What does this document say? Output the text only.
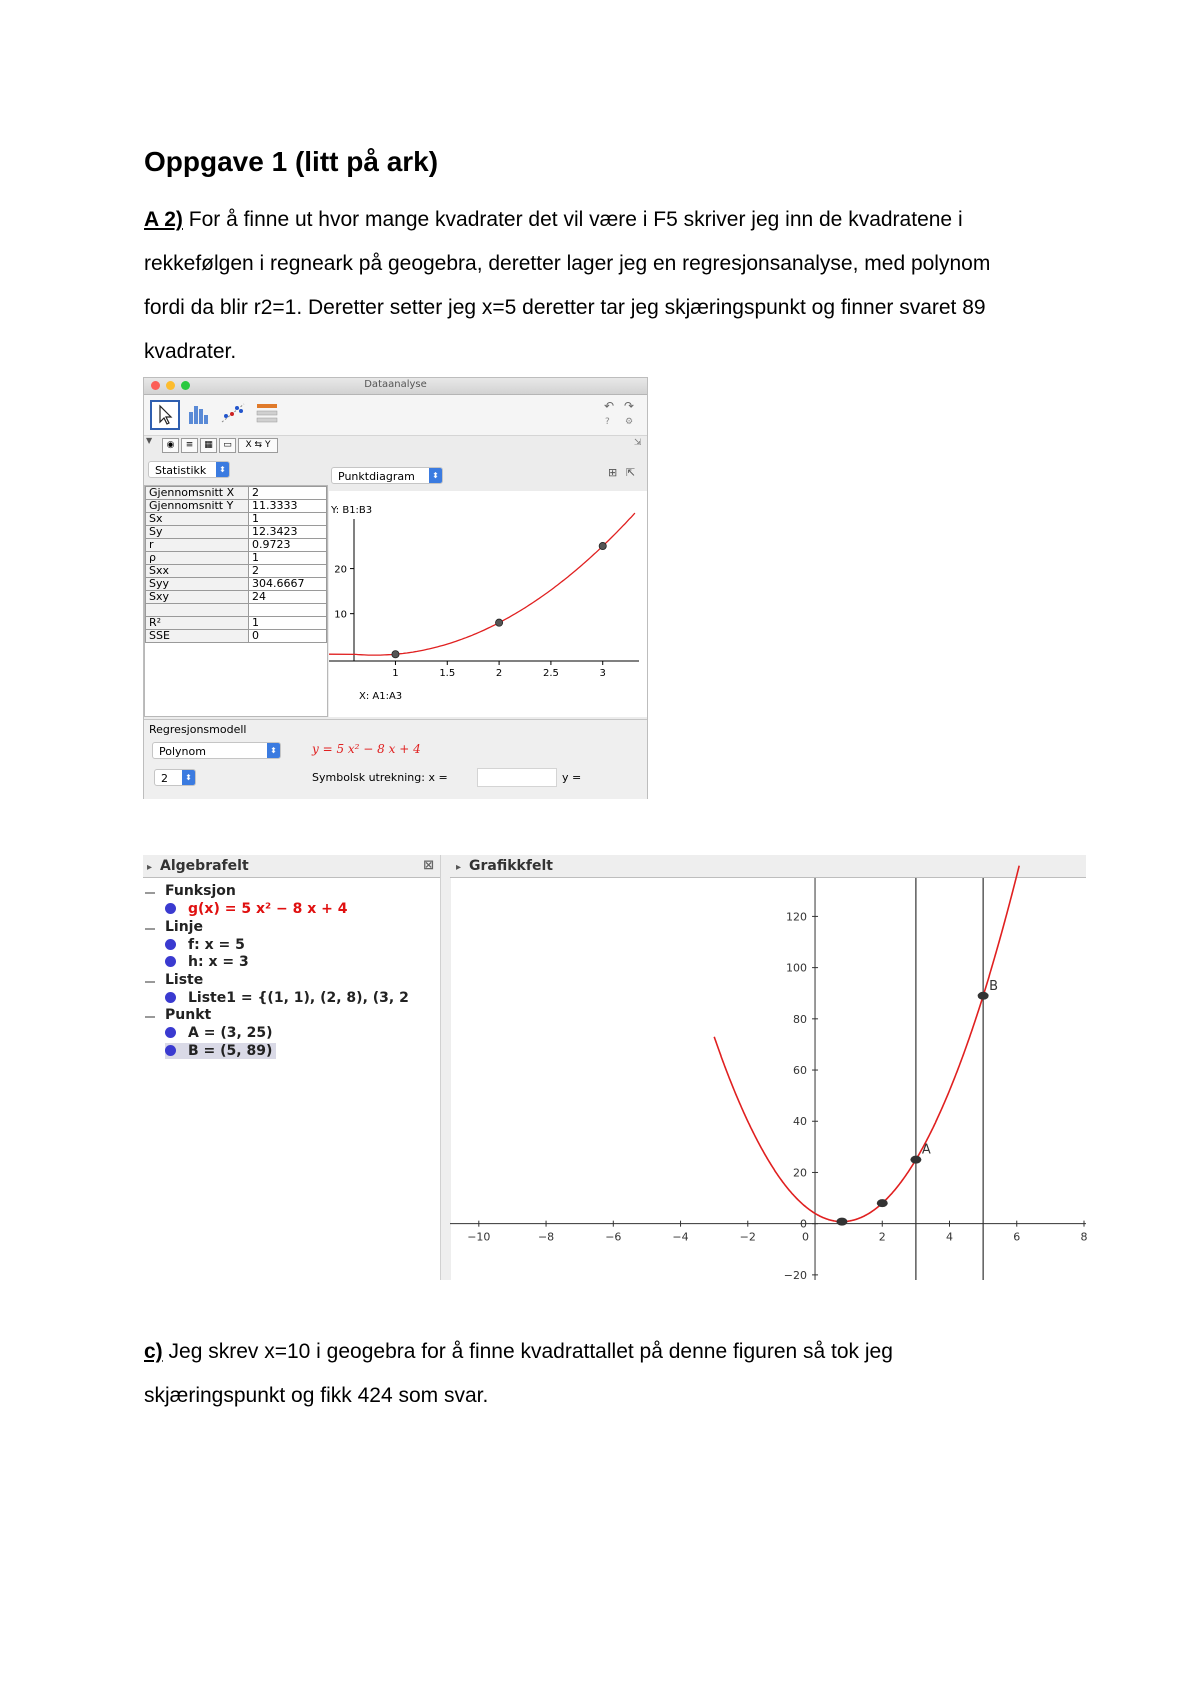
Oppgave 1 (litt på ark)
A 2) For å finne ut hvor mange kvadrater det vil være i F5 skriver jeg inn de kvadratene i
rekkefølgen i regneark på geogebra, deretter lager jeg en regresjonsanalyse, med polynom
fordi da blir r2=1. Deretter setter jeg x=5 deretter tar jeg skjæringspunkt og finner svaret 89
kvadrater.
Dataanalyse
↶ ↷
? ⚙
▼	◉	≡	▦	▭	X ⇆ Y	⇲
Statistikk	⬍
Punktdiagram	⬍	⊞ ⇱
Gjennomsnitt X	2
Gjennomsnitt Y	11.3333
Sx	1
Sy	12.3423
r	0.9723
ρ	1
Sxx	2
Syy	304.6667
Sxy	24

R²	1
SSE	0
Y: B1:B3
1	1.5	2	2.5	3
10
20
X: A1:A3
Regresjonsmodell
Polynom	⬍	y = 5 x² − 8 x + 4
2	⬍	Symbolsk utrekning: x =	y =
▸ Algebrafelt	⊠
Funksjon
g(x) = 5 x² − 8 x + 4
Linje
f: x = 5
h: x = 3
Liste
Liste1 = {(1, 1), (2, 8), (3, 2
Punkt
A = (3, 25)
B = (5, 89)
▸ Grafikkfelt
−10	−8	−6	−4	−2	2	4	6	8
−20
0
20
40
60
80
100
120
0
A
B
c) Jeg skrev x=10 i geogebra for å finne kvadrattallet på denne figuren så tok jeg
skjæringspunkt og fikk 424 som svar.
